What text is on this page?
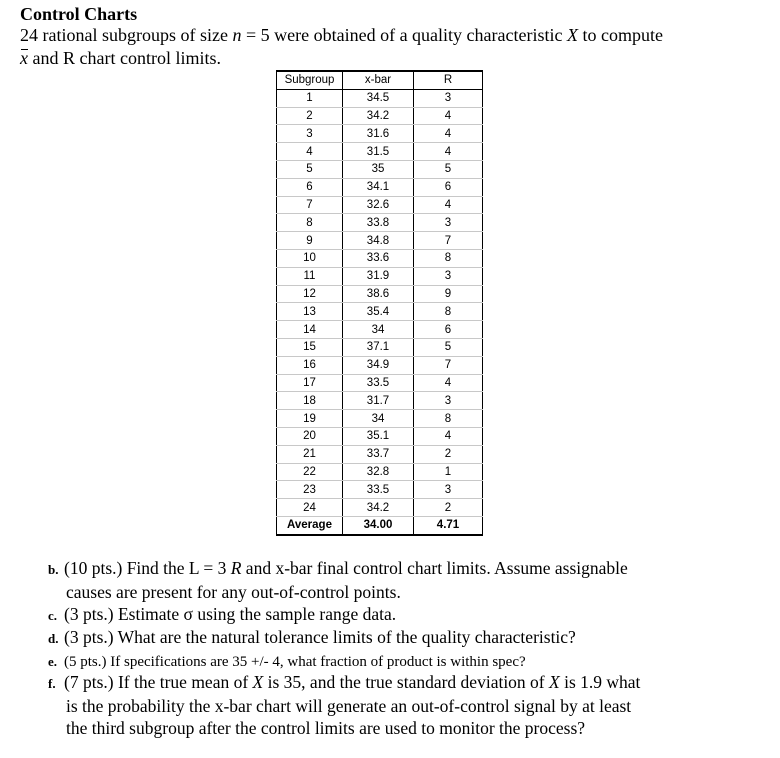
Control Charts
24 rational subgroups of size n = 5 were obtained of a quality characteristic X to compute
x and R chart control limits.
Subgroup	x-bar	R
1	34.5	3
2	34.2	4
3	31.6	4
4	31.5	4
5	35	5
6	34.1	6
7	32.6	4
8	33.8	3
9	34.8	7
10	33.6	8
11	31.9	3
12	38.6	9
13	35.4	8
14	34	6
15	37.1	5
16	34.9	7
17	33.5	4
18	31.7	3
19	34	8
20	35.1	4
21	33.7	2
22	32.8	1
23	33.5	3
24	34.2	2
Average	34.00	4.71
b. (10 pts.) Find the L = 3 R and x-bar final control chart limits. Assume assignable
causes are present for any out-of-control points.
c. (3 pts.) Estimate σ using the sample range data.
d. (3 pts.) What are the natural tolerance limits of the quality characteristic?
e. (5 pts.) If specifications are 35 +/- 4, what fraction of product is within spec?
f. (7 pts.) If the true mean of X is 35, and the true standard deviation of X is 1.9 what
is the probability the x-bar chart will generate an out-of-control signal by at least
the third subgroup after the control limits are used to monitor the process?
